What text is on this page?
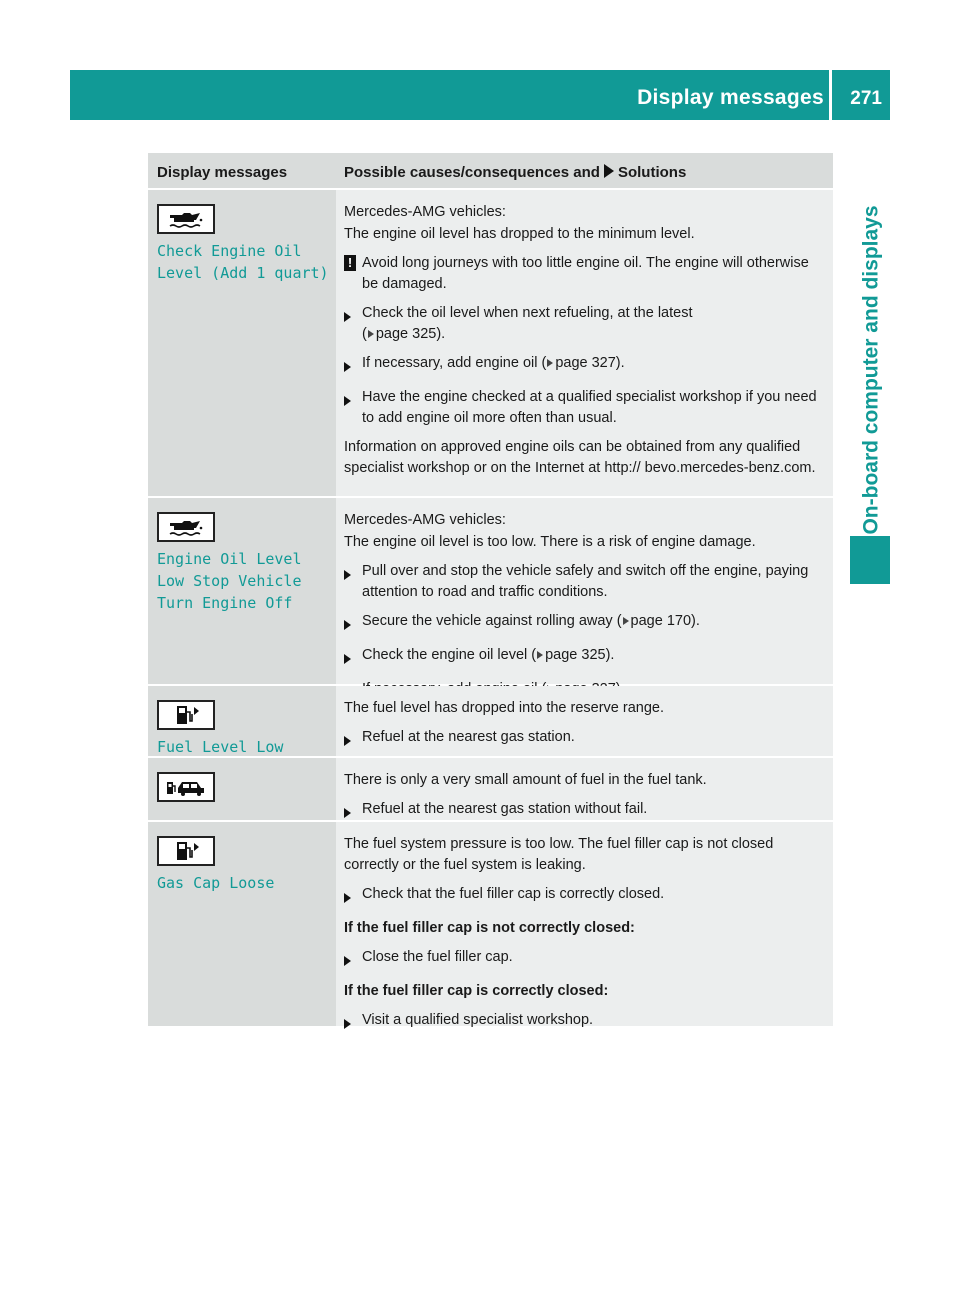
Display messages 271
On-board computer and displays
Display messages	Possible causes/consequences and Solutions
Check Engine Oil
Level (Add 1 quart)

Mercedes-AMG vehicles:

The engine oil level has dropped to the minimum level.

! Avoid long journeys with too little engine oil. The engine will otherwise be damaged.
Check the oil level when next refueling, at the latest
( page 325).
If necessary, add engine oil ( page 327).
Have the engine checked at a qualified specialist workshop if you need to add engine oil more often than usual.

Information on approved engine oils can be obtained from any qualified specialist workshop or on the Internet at http:// bevo.mercedes-benz.com.

Engine Oil Level
Low Stop Vehicle
Turn Engine Off

Mercedes-AMG vehicles:

The engine oil level is too low. There is a risk of engine damage.

Pull over and stop the vehicle safely and switch off the engine, paying attention to road and traffic conditions.
Secure the vehicle against rolling away ( page 170).
Check the engine oil level ( page 325).
Fuel Level Low

The fuel level has dropped into the reserve range.

Refuel at the nearest gas station.

There is only a very small amount of fuel in the fuel tank.

Refuel at the nearest gas station without fail.
Gas Cap Loose

The fuel system pressure is too low. The fuel filler cap is not closed correctly or the fuel system is leaking.

Check that the fuel filler cap is correctly closed.

If the fuel filler cap is not correctly closed:

Close the fuel filler cap.

If the fuel filler cap is correctly closed:

Visit a qualified specialist workshop.
